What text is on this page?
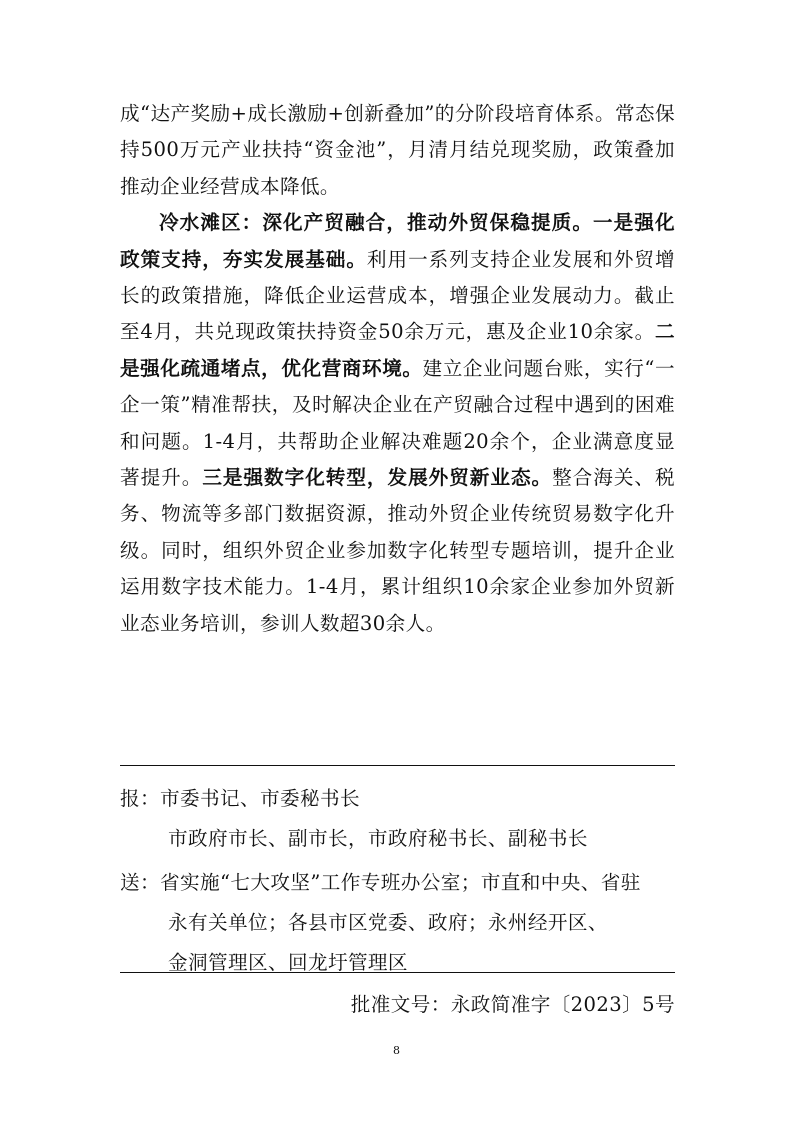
成“达产奖励+成长激励+创新叠加”的分阶段培育体系。常态保持500万元产业扶持“资金池”，月清月结兑现奖励，政策叠加推动企业经营成本降低。

冷水滩区：深化产贸融合，推动外贸保稳提质。一是强化政策支持，夯实发展基础。利用一系列支持企业发展和外贸增长的政策措施，降低企业运营成本，增强企业发展动力。截止至4月，共兑现政策扶持资金50余万元，惠及企业10余家。二是强化疏通堵点，优化营商环境。建立企业问题台账，实行“一企一策”精准帮扶，及时解决企业在产贸融合过程中遇到的困难和问题。1-4月，共帮助企业解决难题20余个，企业满意度显著提升。三是强数字化转型，发展外贸新业态。整合海关、税务、物流等多部门数据资源，推动外贸企业传统贸易数字化升级。同时，组织外贸企业参加数字化转型专题培训，提升企业运用数字技术能力。1-4月，累计组织10余家企业参加外贸新业态业务培训，参训人数超30余人。

报：市委书记、市委秘书长
市政府市长、副市长，市政府秘书长、副秘书长
送：省实施“七大攻坚”工作专班办公室；市直和中央、省驻
永有关单位；各县市区党委、政府；永州经开区、
金洞管理区、回龙圩管理区
批准文号：永政简准字〔2023〕5号
8
